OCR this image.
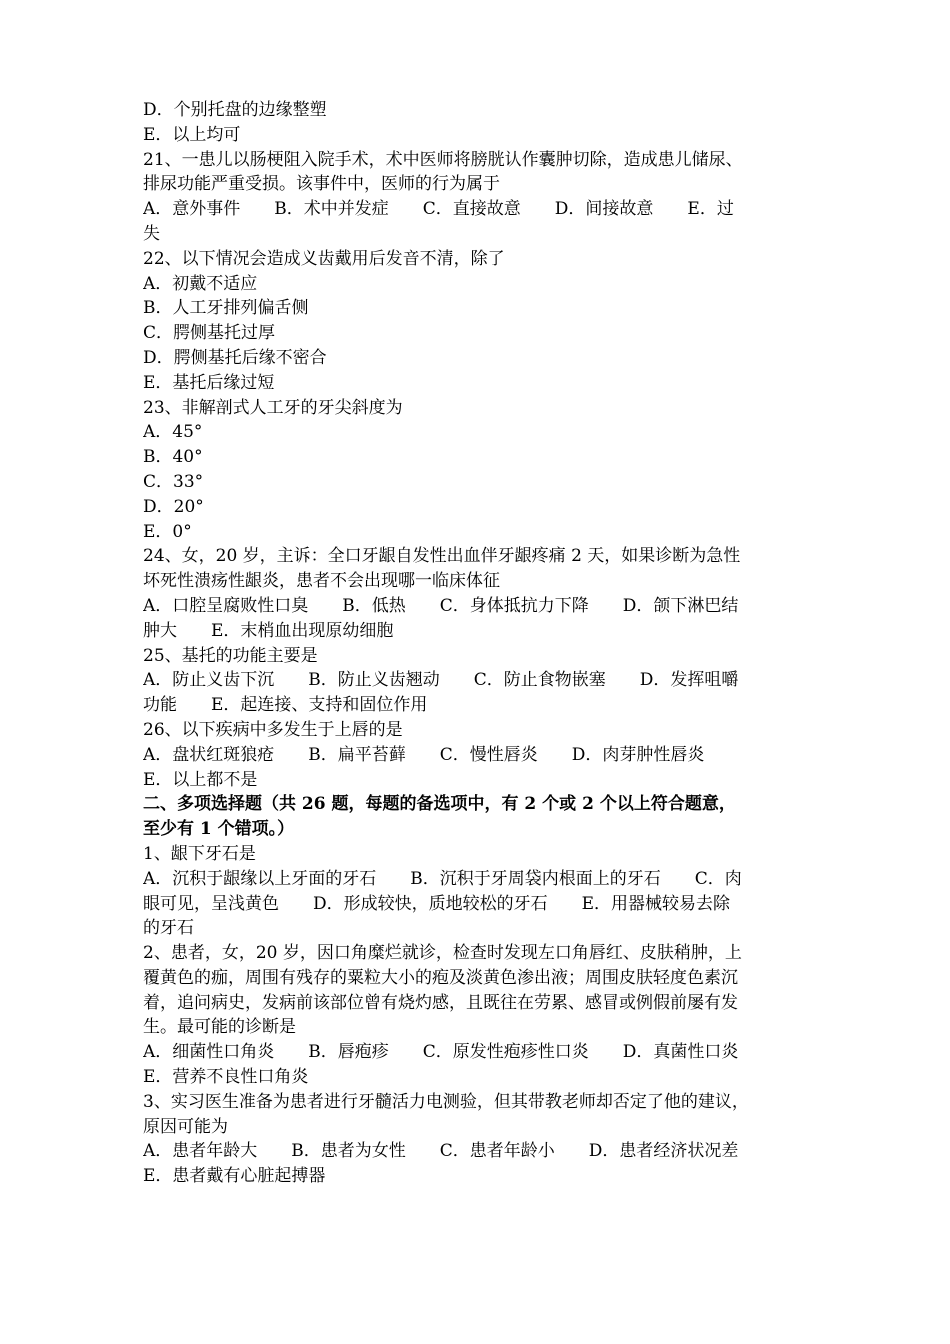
D．个别托盘的边缘整塑
E．以上均可
21、一患儿以肠梗阻入院手术，术中医师将膀胱认作囊肿切除，造成患儿储尿、
排尿功能严重受损。该事件中，医师的行为属于
A．意外事件　　B．术中并发症　　C．直接故意　　D．间接故意　　E．过
失
22、以下情况会造成义齿戴用后发音不清，除了
A．初戴不适应
B．人工牙排列偏舌侧
C．腭侧基托过厚
D．腭侧基托后缘不密合
E．基托后缘过短
23、非解剖式人工牙的牙尖斜度为
A．45°
B．40°
C．33°
D．20°
E．0°
24、女，20 岁，主诉：全口牙龈自发性出血伴牙龈疼痛 2 天，如果诊断为急性
坏死性溃疡性龈炎，患者不会出现哪一临床体征
A．口腔呈腐败性口臭　　B．低热　　C．身体抵抗力下降　　D．颌下淋巴结
肿大　　E．末梢血出现原幼细胞
25、基托的功能主要是
A．防止义齿下沉　　B．防止义齿翘动　　C．防止食物嵌塞　　D．发挥咀嚼
功能　　E．起连接、支持和固位作用
26、以下疾病中多发生于上唇的是
A．盘状红斑狼疮　　B．扁平苔藓　　C．慢性唇炎　　D．肉芽肿性唇炎
E．以上都不是
二、多项选择题（共 26 题，每题的备选项中，有 2 个或 2 个以上符合题意，
至少有 1 个错项。）
1、龈下牙石是
A．沉积于龈缘以上牙面的牙石　　B．沉积于牙周袋内根面上的牙石　　C．肉
眼可见，呈浅黄色　　D．形成较快，质地较松的牙石　　E．用器械较易去除
的牙石
2、患者，女，20 岁，因口角糜烂就诊，检查时发现左口角唇红、皮肤稍肿，上
覆黄色的痂，周围有残存的粟粒大小的疱及淡黄色渗出液；周围皮肤轻度色素沉
着，追问病史，发病前该部位曾有烧灼感，且既往在劳累、感冒或例假前屡有发
生。最可能的诊断是
A．细菌性口角炎　　B．唇疱疹　　C．原发性疱疹性口炎　　D．真菌性口炎
E．营养不良性口角炎
3、实习医生准备为患者进行牙髓活力电测验，但其带教老师却否定了他的建议，
原因可能为
A．患者年龄大　　B．患者为女性　　C．患者年龄小　　D．患者经济状况差
E．患者戴有心脏起搏器
